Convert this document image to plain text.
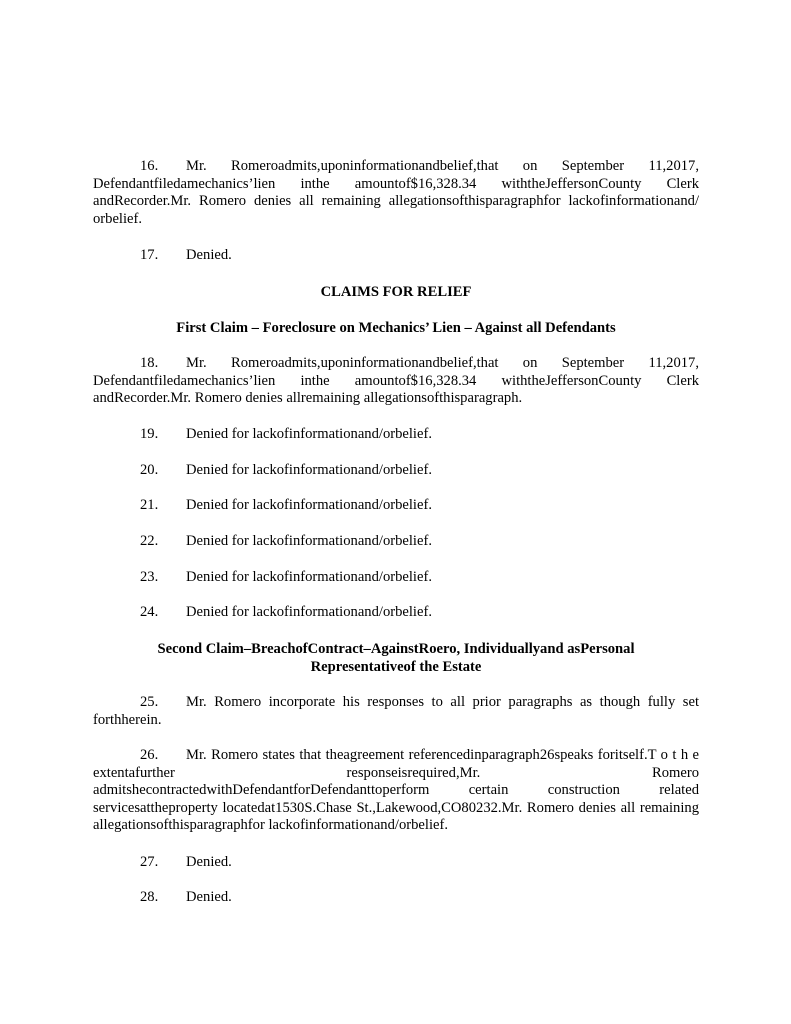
16. Mr. Romeroadmits,uponinformationandbelief,that on September 11,2017, Defendantfiledamechanics’lien inthe amountof$16,328.34 withtheJeffersonCounty Clerk andRecorder.Mr. Romero denies all remaining allegationsofthisparagraphfor lackofinformationand/ orbelief.

17. Denied.

CLAIMS FOR RELIEF

First Claim – Foreclosure on Mechanics’ Lien – Against all Defendants

18. Mr. Romeroadmits,uponinformationandbelief,that on September 11,2017, Defendantfiledamechanics’lien inthe amountof$16,328.34 withtheJeffersonCounty Clerk andRecorder.Mr. Romero denies allremaining allegationsofthisparagraph.

19. Denied for lackofinformationand/orbelief.

20. Denied for lackofinformationand/orbelief.

21. Denied for lackofinformationand/orbelief.

22. Denied for lackofinformationand/orbelief.

23. Denied for lackofinformationand/orbelief.

24. Denied for lackofinformationand/orbelief.

Second Claim–BreachofContract–AgainstRoero, Individuallyand asPersonal

Representativeof the Estate

25. Mr. Romero incorporate his responses to all prior paragraphs as though fully set forthherein.

26. Mr. Romero states that theagreement referencedinparagraph26speaks foritself.T o t h e extentafurther responseisrequired,Mr. Romero admitshecontractedwithDefendantforDefendanttoperform certain construction related servicesattheproperty locatedat1530S.Chase St.,Lakewood,CO80232.Mr. Romero denies all remaining allegationsofthisparagraphfor lackofinformationand/orbelief.

27. Denied.

28. Denied.
